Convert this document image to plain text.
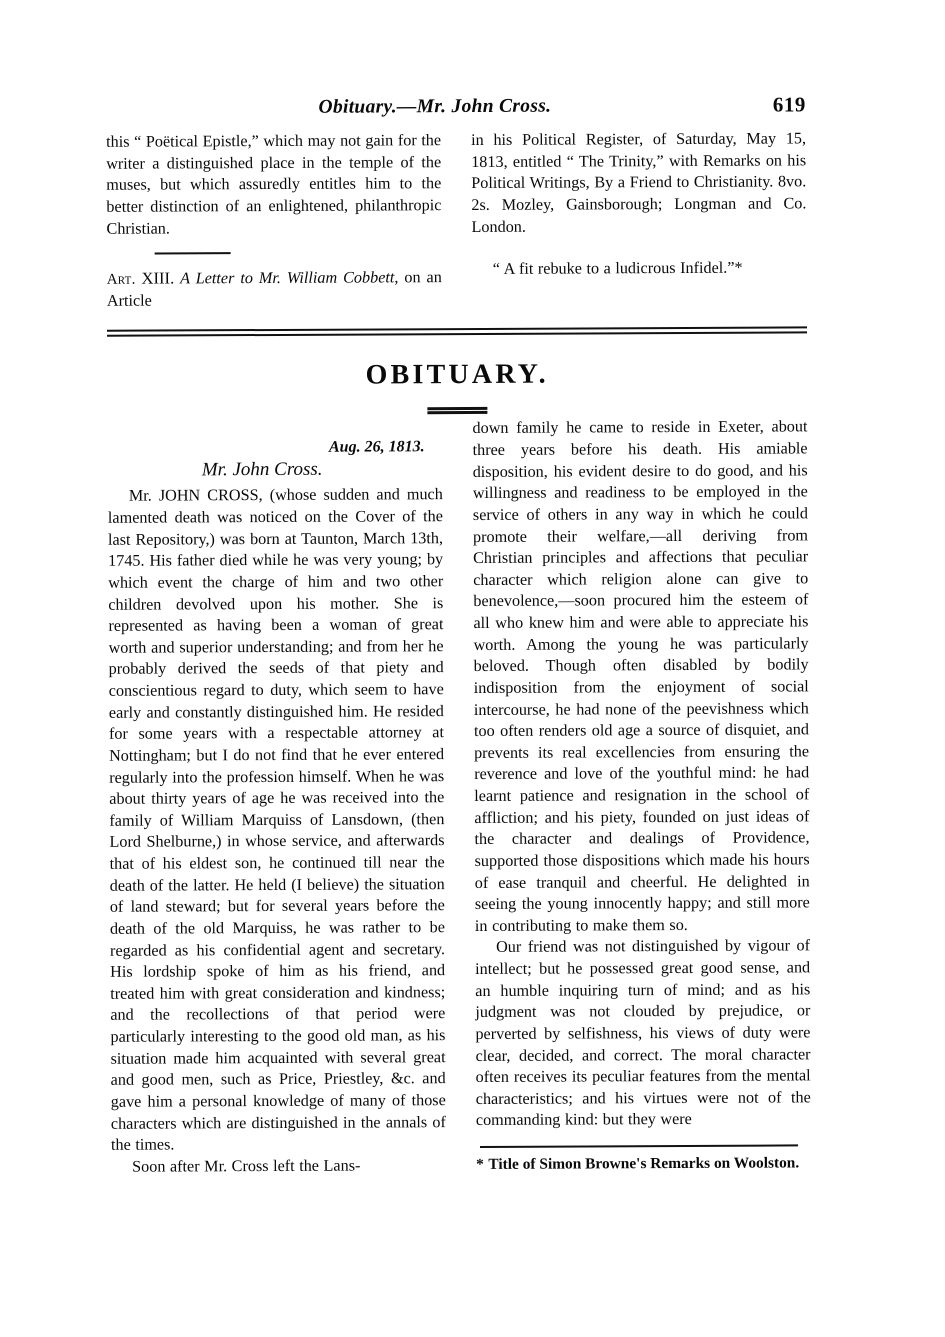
Obituary.—Mr. John Cross.	619

this “ Poëtical Epistle,” which may not gain for the writer a distinguished place in the temple of the muses, but which assuredly entitles him to the better distinction of an enlightened, philanthropic Christian.

Art. XIII. A Letter to Mr. William Cobbett, on an Article

in his Political Register, of Saturday, May 15, 1813, entitled “ The Trinity,” with Remarks on his Political Writings, By a Friend to Christianity. 8vo. 2s. Mozley, Gainsborough; Longman and Co. London.

“ A fit rebuke to a ludicrous Infidel.”*

OBITUARY.
Aug. 26, 1813.
Mr. John Cross.

Mr. JOHN CROSS, (whose sudden and much lamented death was noticed on the Cover of the last Repository,) was born at Taunton, March 13th, 1745. His father died while he was very young; by which event the charge of him and two other children devolved upon his mother. She is represented as having been a woman of great worth and superior understanding; and from her he probably derived the seeds of that piety and conscientious regard to duty, which seem to have early and constantly distinguished him. He resided for some years with a respectable attorney at Nottingham; but I do not find that he ever entered regularly into the profession himself. When he was about thirty years of age he was received into the family of William Marquiss of Lansdown, (then Lord Shelburne,) in whose service, and afterwards that of his eldest son, he continued till near the death of the latter. He held (I believe) the situation of land steward; but for several years before the death of the old Marquiss, he was rather to be regarded as his confidential agent and secretary. His lordship spoke of him as his friend, and treated him with great consideration and kindness; and the recollections of that period were particularly interesting to the good old man, as his situation made him acquainted with several great and good men, such as Price, Priestley, &c. and gave him a personal knowledge of many of those characters which are distinguished in the annals of the times.

Soon after Mr. Cross left the Lans-

down family he came to reside in Exeter, about three years before his death. His amiable disposition, his evident desire to do good, and his willingness and readiness to be employed in the service of others in any way in which he could promote their welfare,—all deriving from Christian principles and affections that peculiar character which religion alone can give to benevolence,—soon procured him the esteem of all who knew him and were able to appreciate his worth. Among the young he was particularly beloved. Though often disabled by bodily indisposition from the enjoyment of social intercourse, he had none of the peevishness which too often renders old age a source of disquiet, and prevents its real excellencies from ensuring the reverence and love of the youthful mind: he had learnt patience and resignation in the school of affliction; and his piety, founded on just ideas of the character and dealings of Providence, supported those dispositions which made his hours of ease tranquil and cheerful. He delighted in seeing the young innocently happy; and still more in contributing to make them so.

Our friend was not distinguished by vigour of intellect; but he possessed great good sense, and an humble inquiring turn of mind; and as his judgment was not clouded by prejudice, or perverted by selfishness, his views of duty were clear, decided, and correct. The moral character often receives its peculiar features from the mental characteristics; and his virtues were not of the commanding kind: but they were

* Title of Simon Browne's Remarks on Woolston.
